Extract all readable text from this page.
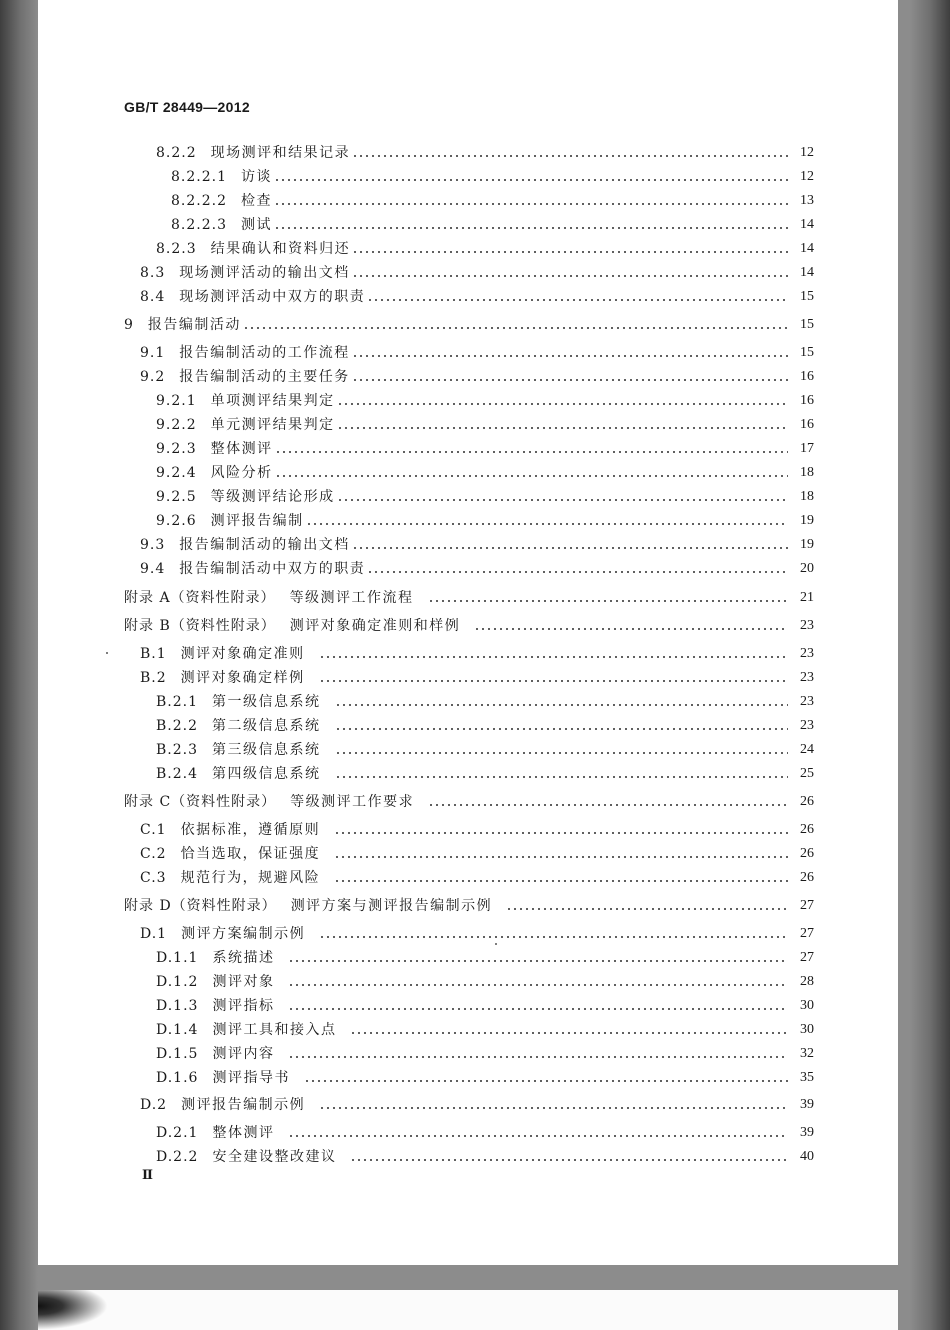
GB/T 28449—2012
8.2.2 现场测评和结果记录	12
8.2.2.1 访谈	12
8.2.2.2 检查	13
8.2.2.3 测试	14
8.2.3 结果确认和资料归还	14
8.3 现场测评活动的输出文档	14
8.4 现场测评活动中双方的职责	15
9 报告编制活动	15
9.1 报告编制活动的工作流程	15
9.2 报告编制活动的主要任务	16
9.2.1 单项测评结果判定	16
9.2.2 单元测评结果判定	16
9.2.3 整体测评	17
9.2.4 风险分析	18
9.2.5 等级测评结论形成	18
9.2.6 测评报告编制	19
9.3 报告编制活动的输出文档	19
9.4 报告编制活动中双方的职责	20
附录 A（资料性附录） 等级测评工作流程	21
附录 B（资料性附录） 测评对象确定准则和样例	23
B.1 测评对象确定准则	23
B.2 测评对象确定样例	23
B.2.1 第一级信息系统	23
B.2.2 第二级信息系统	23
B.2.3 第三级信息系统	24
B.2.4 第四级信息系统	25
附录 C（资料性附录） 等级测评工作要求	26
C.1 依据标准，遵循原则	26
C.2 恰当选取，保证强度	26
C.3 规范行为，规避风险	26
附录 D（资料性附录） 测评方案与测评报告编制示例	27
D.1 测评方案编制示例	27
D.1.1 系统描述	27
D.1.2 测评对象	28
D.1.3 测评指标	30
D.1.4 测评工具和接入点	30
D.1.5 测评内容	32
D.1.6 测评指导书	35
D.2 测评报告编制示例	39
D.2.1 整体测评	39
D.2.2 安全建设整改建议	40
Ⅱ
